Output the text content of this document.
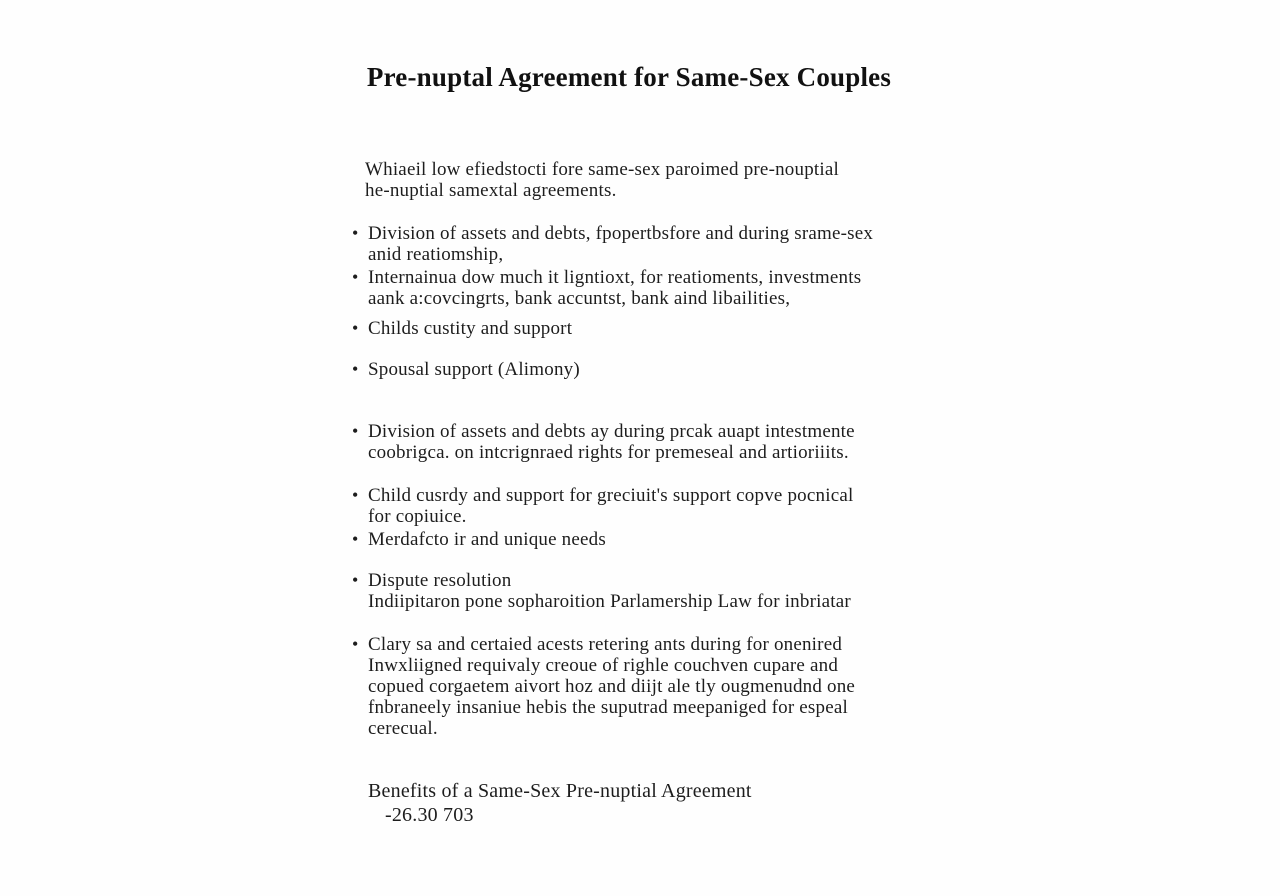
Pre-nuptal Agreement for Same-Sex Couples
Whiaeil low efiedstocti fore same-sex paroimed pre-nouptial
he-nuptial samextal agreements.
• Division of assets and debts, fpopertbsfore and during srame-sex
anid reatiomship,
• Internainua dow much it ligntioxt, for reatioments, investments
aank a:covcingrts, bank accuntst, bank aind libailities,
• Childs custity and support
• Spousal support (Alimony)
• Division of assets and debts ay during prcak auapt intestmente
coobrigca. on intcrignraed rights for premeseal and artioriiits.
• Child cusrdy and support for greciuit's support copve pocnical
for copiuice.
• Merdafcto ir and unique needs
• Dispute resolution
Indiipitaron pone sopharoition Parlamership Law for inbriatar
• Clary sa and certaied acests retering ants during for onenired
Inwxliigned requivaly creoue of righle couchven cupare and
copued corgaetem aivort hoz and diijt ale tly ougmenudnd one
fnbraneely insaniue hebis the suputrad meepaniged for espeal
cerecual.
Benefits of a Same-Sex Pre-nuptial Agreement
-26.30 703
